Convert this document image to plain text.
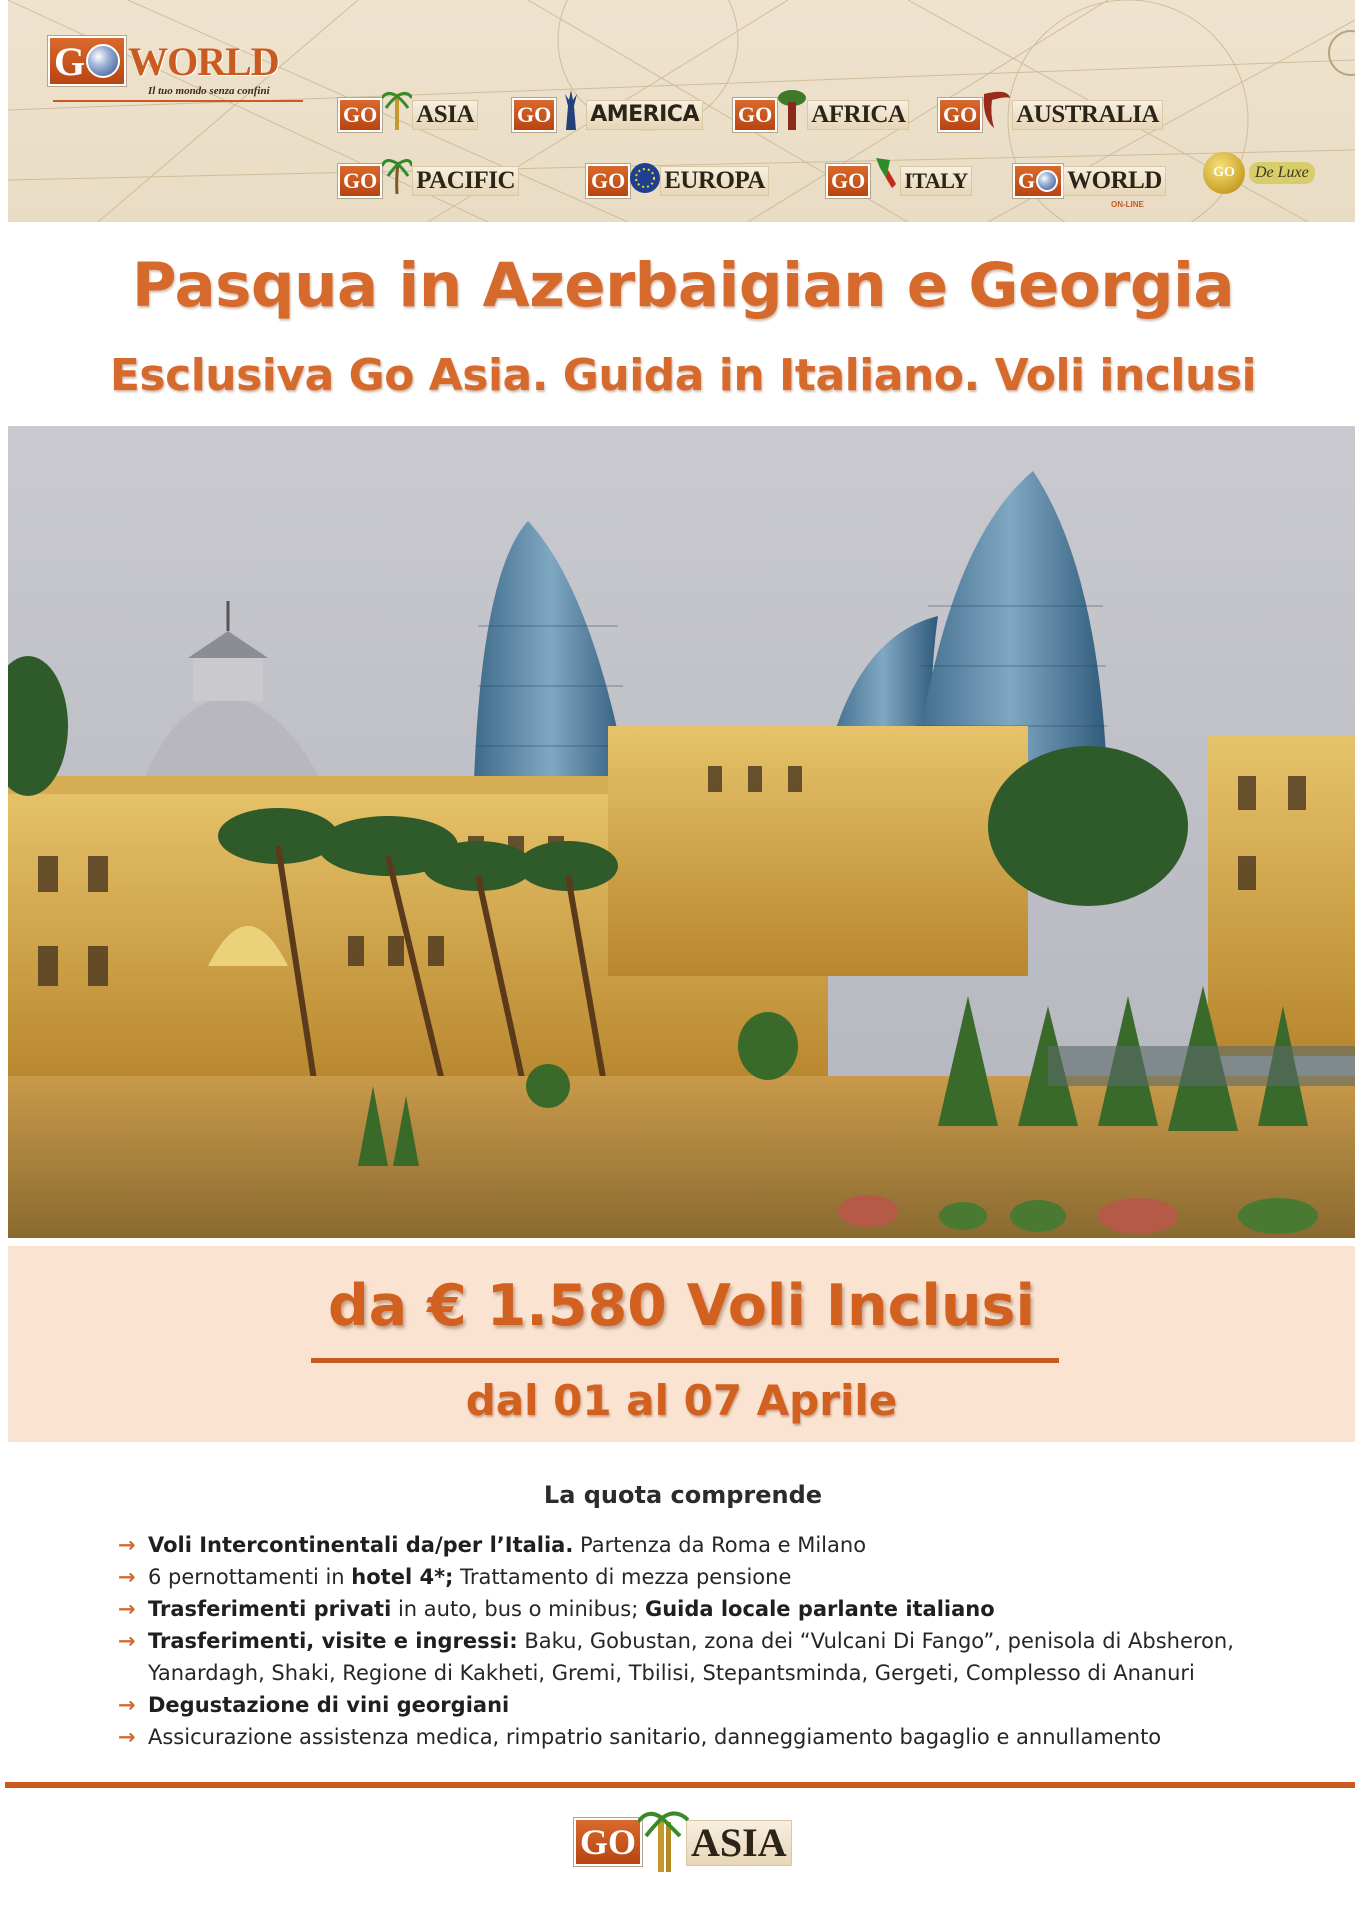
G WORLD
Il tuo mondo senza confini
GO ASIA GO AMERICA GO AFRICA GO AUSTRALIA
GO PACIFIC	GO EUROPA	GO ITALY G WORLD
ON-LINE
GO	De Luxe
Pasqua in Azerbaigian e Georgia
Esclusiva Go Asia. Guida in Italiano. Voli inclusi
da € 1.580 Voli Inclusi
dal 01 al 07 Aprile
La quota comprende
→ Voli Intercontinentali da/per l’Italia. Partenza da Roma e Milano
→ 6 pernottamenti in hotel 4*; Trattamento di mezza pensione
→ Trasferimenti privati in auto, bus o minibus; Guida locale parlante italiano
→ Trasferimenti, visite e ingressi: Baku, Gobustan, zona dei “Vulcani Di Fango”, penisola di Absheron,
Yanardagh, Shaki, Regione di Kakheti, Gremi, Tbilisi, Stepantsminda, Gergeti, Complesso di Ananuri
→ Degustazione di vini georgiani
→ Assicurazione assistenza medica, rimpatrio sanitario, danneggiamento bagaglio e annullamento
GO ASIA
